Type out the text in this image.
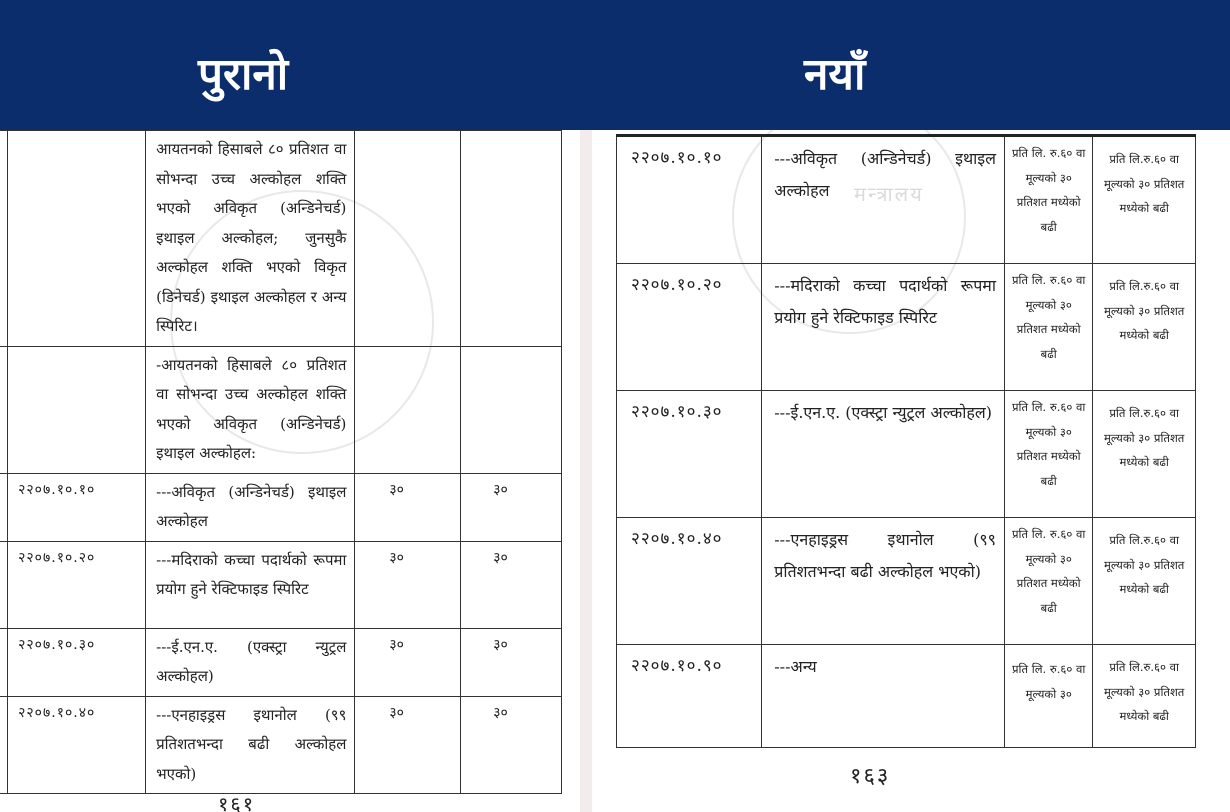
पुरानो	नयाँ
		आयतनको हिसाबले ८० प्रतिशत वा सोभन्दा उच्च अल्कोहल शक्ति भएको अविकृत (अन्डिनेचर्ड) इथाइल अल्कोहल; जुनसुकै अल्कोहल शक्ति भएको विकृत (डिनेचर्ड) इथाइल अल्कोहल र अन्य स्पिरिट।		
		-आयतनको हिसाबले ८० प्रतिशत वा सोभन्दा उच्च अल्कोहल शक्ति भएको अविकृत (अन्डिनेचर्ड) इथाइल अल्कोहल:		
	२२०७.१०.१०	---अविकृत (अन्डिनेचर्ड) इथाइल अल्कोहल	३०	३०
	२२०७.१०.२०	---मदिराको कच्चा पदार्थको रूपमा प्रयोग हुने रेक्टिफाइड स्पिरिट	३०	३०
	२२०७.१०.३०	---ई.एन.ए. (एक्स्ट्रा न्युट्रल अल्कोहल)	३०	३०
	२२०७.१०.४०	---एनहाइड्रस इथानोल (९९ प्रतिशतभन्दा बढी अल्कोहल भएको)	३०	३०
१६१
मन्त्रालय
२२०७.१०.१०	---अविकृत (अन्डिनेचर्ड) इथाइल अल्कोहल	प्रति लि. रु.६० वा मूल्यको ३० प्रतिशत मध्येको बढी	प्रति लि.रु.६० वा मूल्यको ३० प्रतिशत मध्येको बढी
२२०७.१०.२०	---मदिराको कच्चा पदार्थको रूपमा प्रयोग हुने रेक्टिफाइड स्पिरिट	प्रति लि. रु.६० वा मूल्यको ३० प्रतिशत मध्येको बढी	प्रति लि.रु.६० वा मूल्यको ३० प्रतिशत मध्येको बढी
२२०७.१०.३०	---ई.एन.ए. (एक्स्ट्रा न्युट्रल अल्कोहल)	प्रति लि. रु.६० वा मूल्यको ३० प्रतिशत मध्येको बढी	प्रति लि.रु.६० वा मूल्यको ३० प्रतिशत मध्येको बढी
२२०७.१०.४०	---एनहाइड्रस इथानोल (९९ प्रतिशतभन्दा बढी अल्कोहल भएको)	प्रति लि. रु.६० वा मूल्यको ३० प्रतिशत मध्येको बढी	प्रति लि.रु.६० वा मूल्यको ३० प्रतिशत मध्येको बढी
२२०७.१०.९०	---अन्य	प्रति लि. रु.६० वा मूल्यको ३०	प्रति लि.रु.६० वा मूल्यको ३० प्रतिशत मध्येको बढी
१६३
